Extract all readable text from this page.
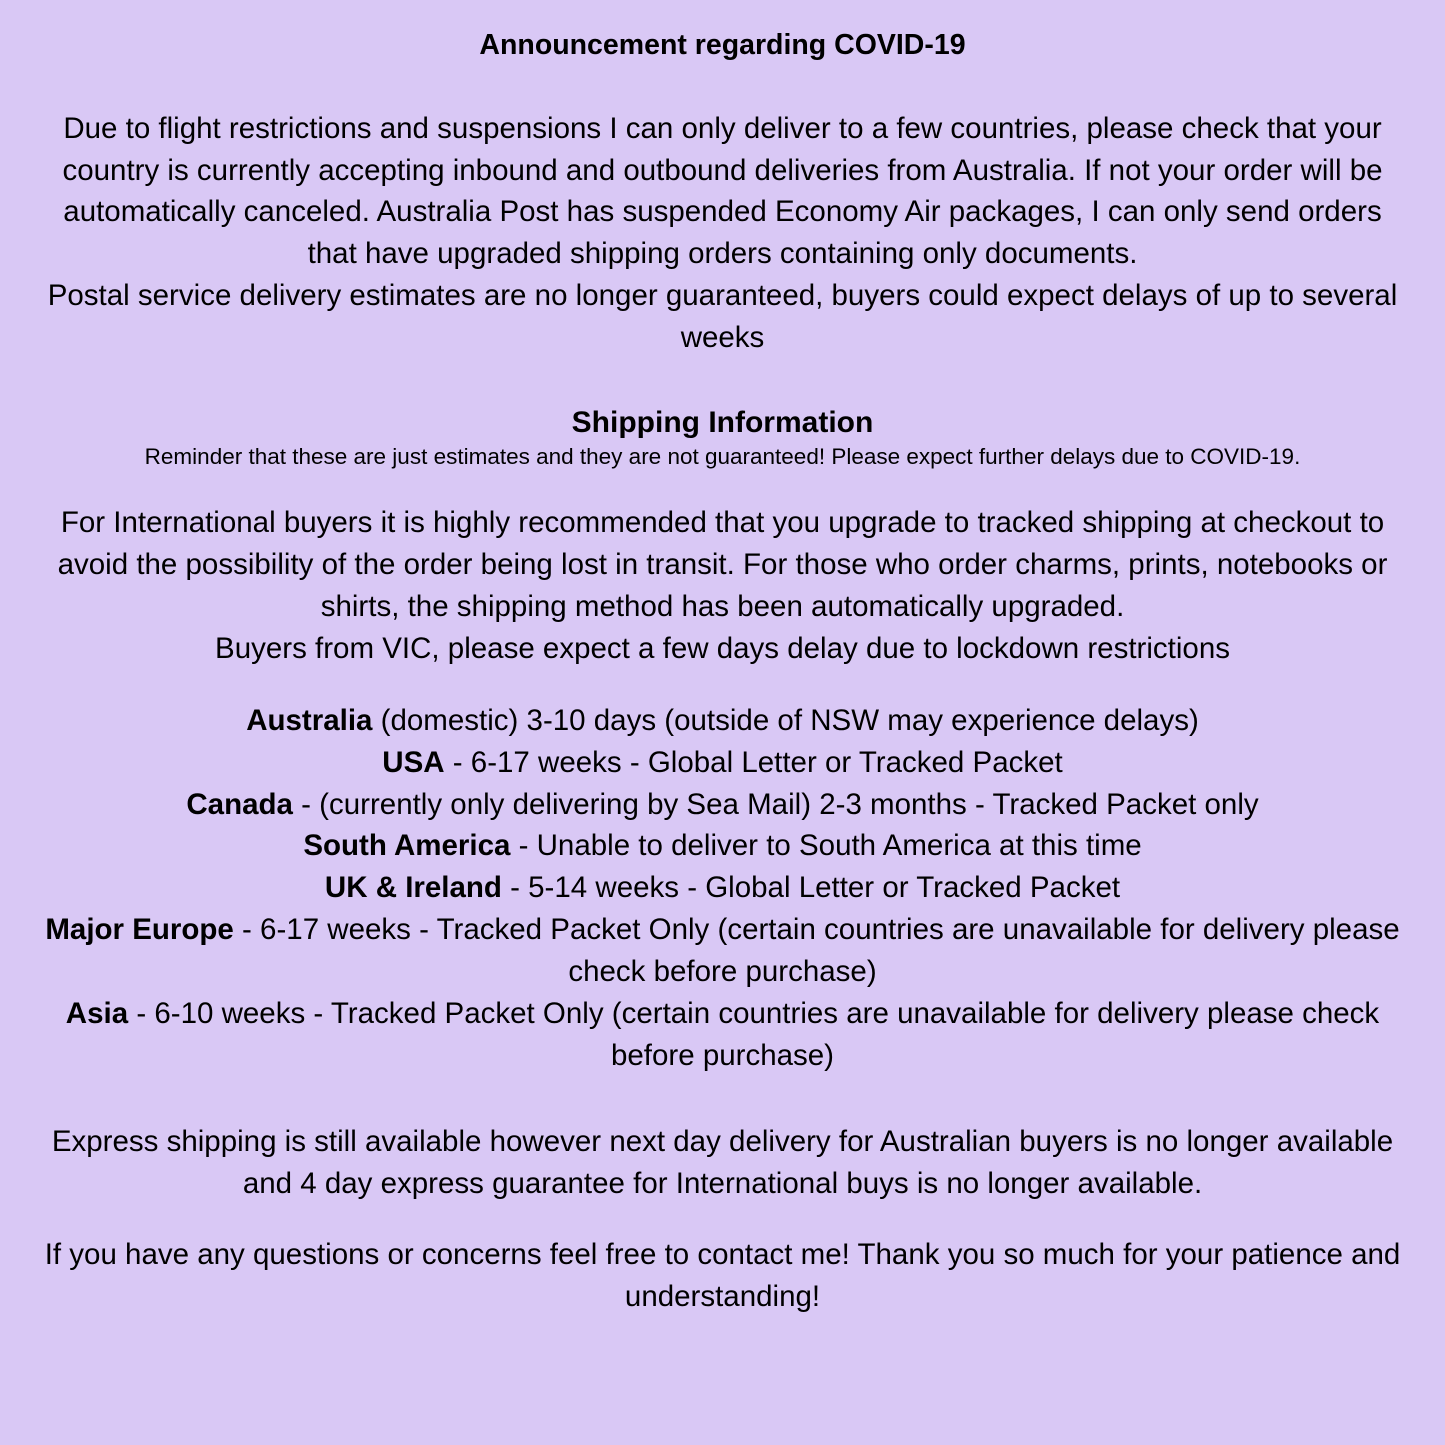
Announcement regarding COVID-19

Due to flight restrictions and suspensions I can only deliver to a few countries, please check that your country is currently accepting inbound and outbound deliveries from Australia. If not your order will be automatically canceled. Australia Post has suspended Economy Air packages, I can only send orders that have upgraded shipping orders containing only documents.

Postal service delivery estimates are no longer guaranteed, buyers could expect delays of up to several weeks

Shipping Information

Reminder that these are just estimates and they are not guaranteed! Please expect further delays due to COVID-19.

For International buyers it is highly recommended that you upgrade to tracked shipping at checkout to avoid the possibility of the order being lost in transit. For those who order charms, prints, notebooks or shirts, the shipping method has been automatically upgraded.

Buyers from VIC, please expect a few days delay due to lockdown restrictions

Australia (domestic) 3-10 days (outside of NSW may experience delays)
USA - 6-17 weeks - Global Letter or Tracked Packet
Canada - (currently only delivering by Sea Mail) 2-3 months - Tracked Packet only
South America - Unable to deliver to South America at this time
UK & Ireland - 5-14 weeks - Global Letter or Tracked Packet
Major Europe - 6-17 weeks - Tracked Packet Only (certain countries are unavailable for delivery please check before purchase)
Asia - 6-10 weeks - Tracked Packet Only (certain countries are unavailable for delivery please check before purchase)

Express shipping is still available however next day delivery for Australian buyers is no longer available and 4 day express guarantee for International buys is no longer available.

If you have any questions or concerns feel free to contact me! Thank you so much for your patience and understanding!
